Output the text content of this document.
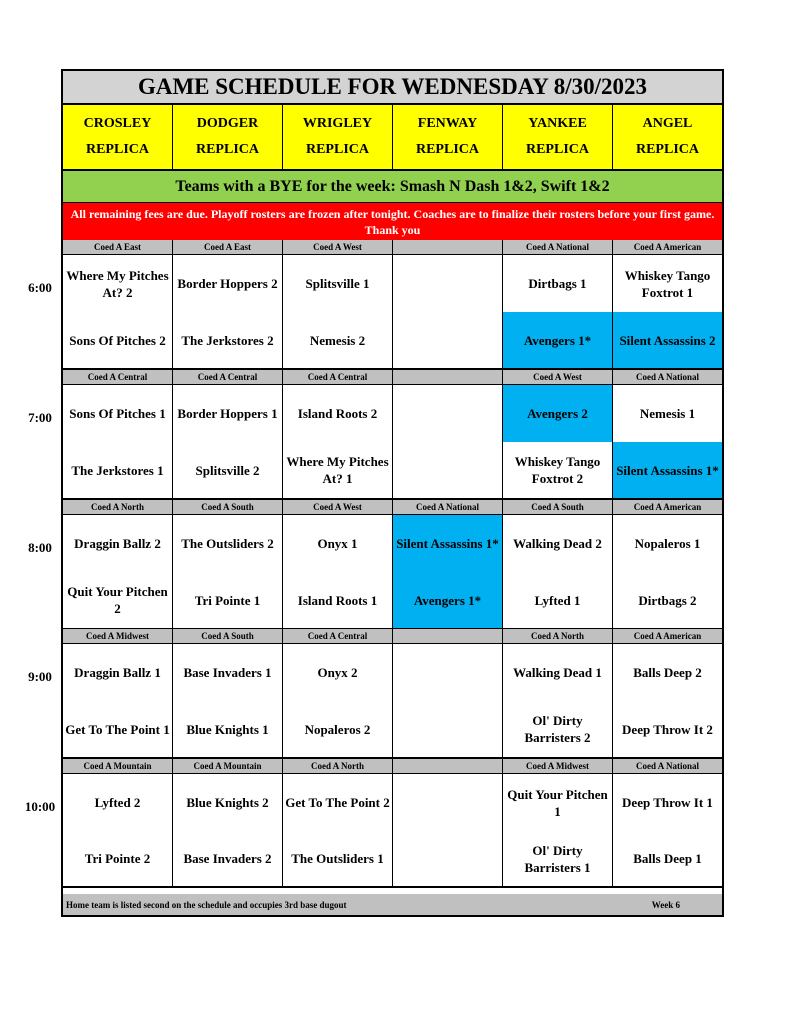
6:00
7:00
8:00
9:00
10:00
GAME SCHEDULE FOR WEDNESDAY 8/30/2023
CROSLEY
REPLICA
DODGER
REPLICA
WRIGLEY
REPLICA
FENWAY
REPLICA
YANKEE
REPLICA
ANGEL
REPLICA
Teams with a BYE for the week: Smash N Dash 1&2, Swift 1&2
All remaining fees are due. Playoff rosters are frozen after tonight. Coaches are to finalize their rosters before your first game. Thank you
Coed A East
Where My Pitches At? 2
Sons Of Pitches 2
Coed A East
Border Hoppers 2
The Jerkstores 2
Coed A West
Splitsville 1
Nemesis 2
Coed A National
Dirtbags 1
Avengers 1*
Coed A American
Whiskey Tango Foxtrot 1
Silent Assassins 2
Coed A Central
Sons Of Pitches 1
The Jerkstores 1
Coed A Central
Border Hoppers 1
Splitsville 2
Coed A Central
Island Roots 2
Where My Pitches At? 1
Coed A West
Avengers 2
Whiskey Tango Foxtrot 2
Coed A National
Nemesis 1
Silent Assassins 1*
Coed A North
Draggin Ballz 2
Quit Your Pitchen 2
Coed A South
The Outsliders 2
Tri Pointe 1
Coed A West
Onyx 1
Island Roots 1
Coed A National
Silent Assassins 1*
Avengers 1*
Coed A South
Walking Dead 2
Lyfted 1
Coed A American
Nopaleros 1
Dirtbags 2
Coed A Midwest
Draggin Ballz 1
Get To The Point 1
Coed A South
Base Invaders 1
Blue Knights 1
Coed A Central
Onyx 2
Nopaleros 2
Coed A North
Walking Dead 1
Ol' Dirty Barristers 2
Coed A American
Balls Deep 2
Deep Throw It 2
Coed A Mountain
Lyfted 2
Tri Pointe 2
Coed A Mountain
Blue Knights 2
Base Invaders 2
Coed A North
Get To The Point 2
The Outsliders 1
Coed A Midwest
Quit Your Pitchen 1
Ol' Dirty Barristers 1
Coed A National
Deep Throw It 1
Balls Deep 1
Home team is listed second on the schedule and occupies 3rd base dugout	Week 6
